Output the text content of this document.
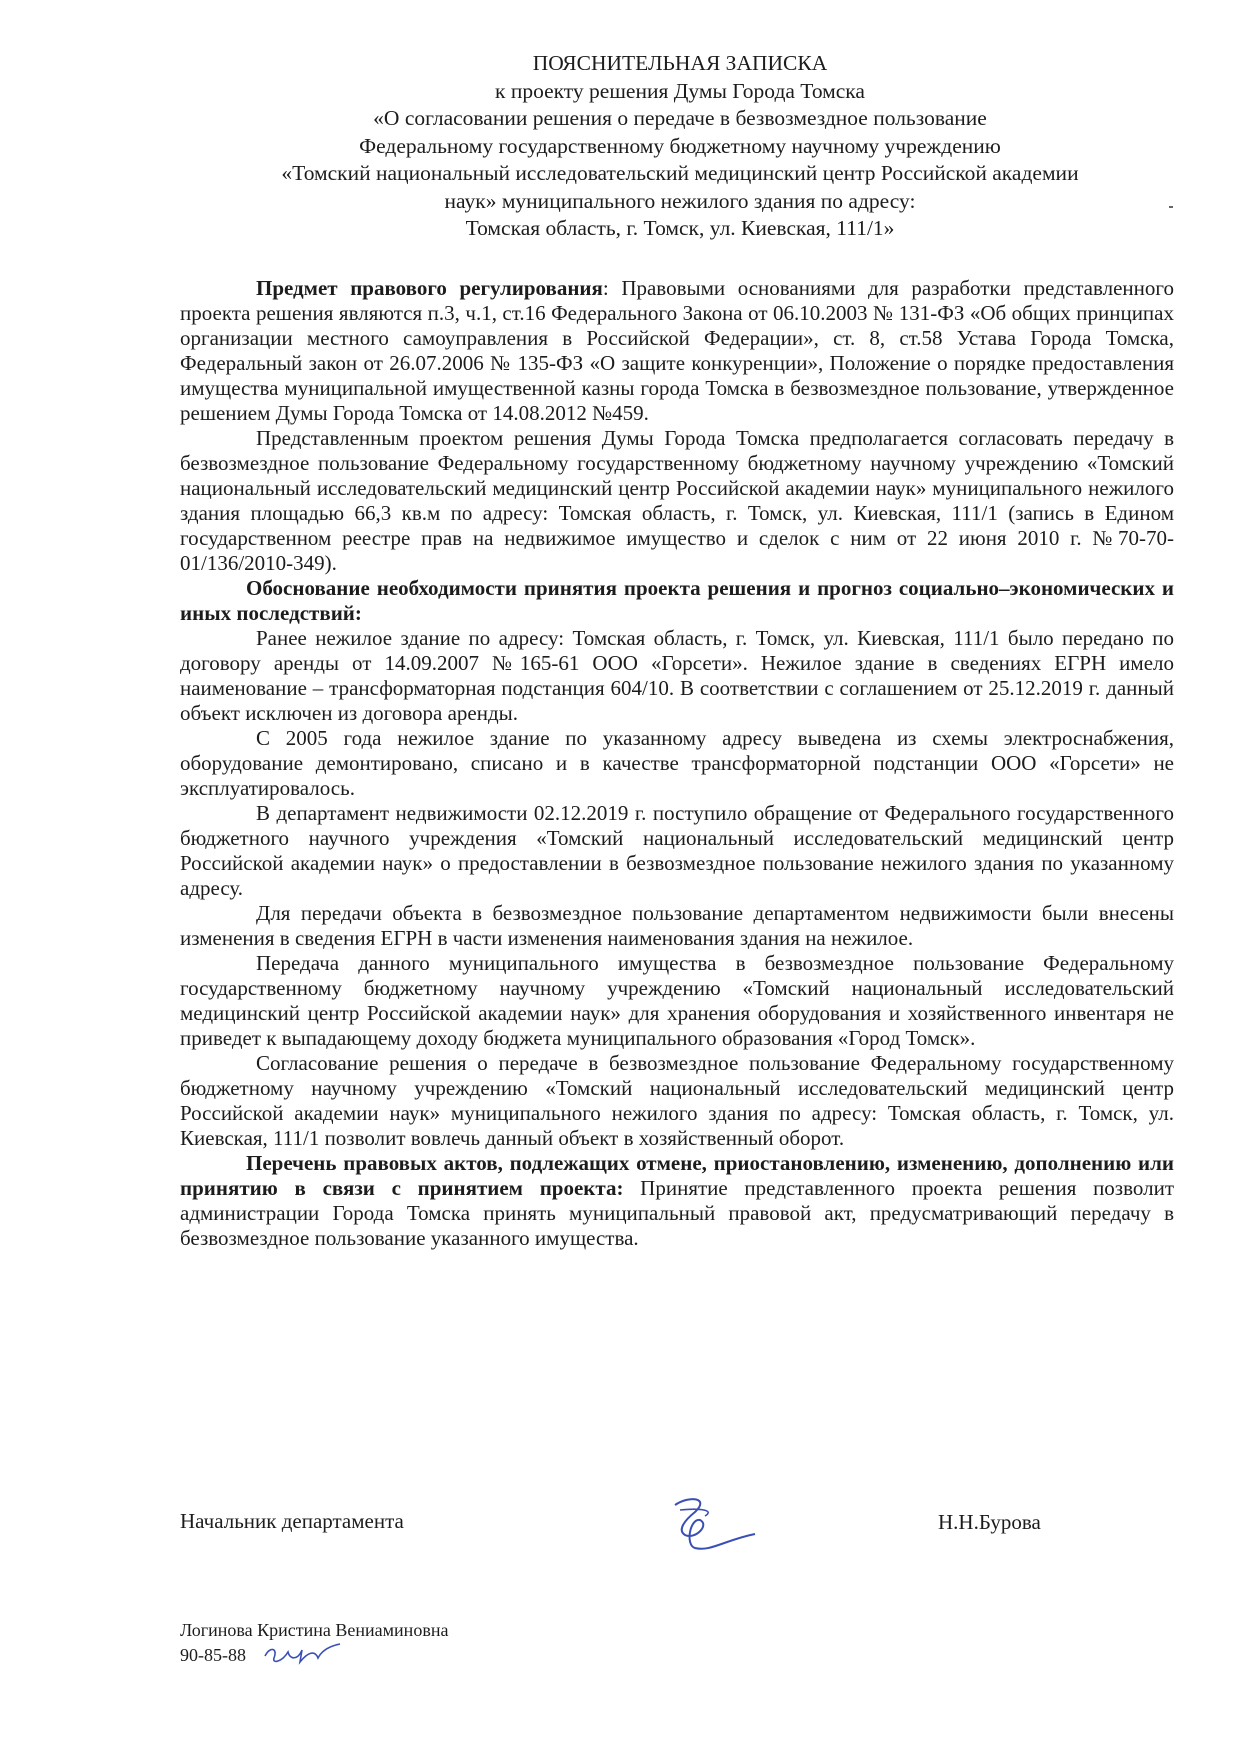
ПОЯСНИТЕЛЬНАЯ ЗАПИСКА
к проекту решения Думы Города Томска
«О согласовании решения о передаче в безвозмездное пользование
Федеральному государственному бюджетному научному учреждению
«Томский национальный исследовательский медицинский центр Российской академии
наук» муниципального нежилого здания по адресу:
Томская область, г. Томск, ул. Киевская, 111/1»

Предмет правового регулирования: Правовыми основаниями для разработки представленного проекта решения являются п.3, ч.1, ст.16 Федерального Закона от 06.10.2003 № 131-ФЗ «Об общих принципах организации местного самоуправления в Российской Федерации», ст. 8, ст.58 Устава Города Томска, Федеральный закон от 26.07.2006 № 135-ФЗ «О защите конкуренции», Положение о порядке предоставления имущества муниципальной имущественной казны города Томска в безвозмездное пользование, утвержденное решением Думы Города Томска от 14.08.2012 №459.

Представленным проектом решения Думы Города Томска предполагается согласовать передачу в безвозмездное пользование Федеральному государственному бюджетному научному учреждению «Томский национальный исследовательский медицинский центр Российской академии наук» муниципального нежилого здания площадью 66,3 кв.м по адресу: Томская область, г. Томск, ул. Киевская, 111/1 (запись в Едином государственном реестре прав на недвижимое имущество и сделок с ним от 22 июня 2010 г. №70-70-01/136/2010-349).

Обоснование необходимости принятия проекта решения и прогноз социально–экономических и иных последствий:

Ранее нежилое здание по адресу: Томская область, г. Томск, ул. Киевская, 111/1 было передано по договору аренды от 14.09.2007 №165-61 ООО «Горсети». Нежилое здание в сведениях ЕГРН имело наименование – трансформаторная подстанция 604/10. В соответствии с соглашением от 25.12.2019 г. данный объект исключен из договора аренды.

С 2005 года нежилое здание по указанному адресу выведена из схемы электроснабжения, оборудование демонтировано, списано и в качестве трансформаторной подстанции ООО «Горсети» не эксплуатировалось.

В департамент недвижимости 02.12.2019 г. поступило обращение от Федерального государственного бюджетного научного учреждения «Томский национальный исследовательский медицинский центр Российской академии наук» о предоставлении в безвозмездное пользование нежилого здания по указанному адресу.

Для передачи объекта в безвозмездное пользование департаментом недвижимости были внесены изменения в сведения ЕГРН в части изменения наименования здания на нежилое.

Передача данного муниципального имущества в безвозмездное пользование Федеральному государственному бюджетному научному учреждению «Томский национальный исследовательский медицинский центр Российской академии наук» для хранения оборудования и хозяйственного инвентаря не приведет к выпадающему доходу бюджета муниципального образования «Город Томск».

Согласование решения о передаче в безвозмездное пользование Федеральному государственному бюджетному научному учреждению «Томский национальный исследовательский медицинский центр Российской академии наук» муниципального нежилого здания по адресу: Томская область, г. Томск, ул. Киевская, 111/1 позволит вовлечь данный объект в хозяйственный оборот.

Перечень правовых актов, подлежащих отмене, приостановлению, изменению, дополнению или принятию в связи с принятием проекта: Принятие представленного проекта решения позволит администрации Города Томска принять муниципальный правовой акт, предусматривающий передачу в безвозмездное пользование указанного имущества.

Начальник департамента	Н.Н.Бурова
Логинова Кристина Вениаминовна
90-85-88
